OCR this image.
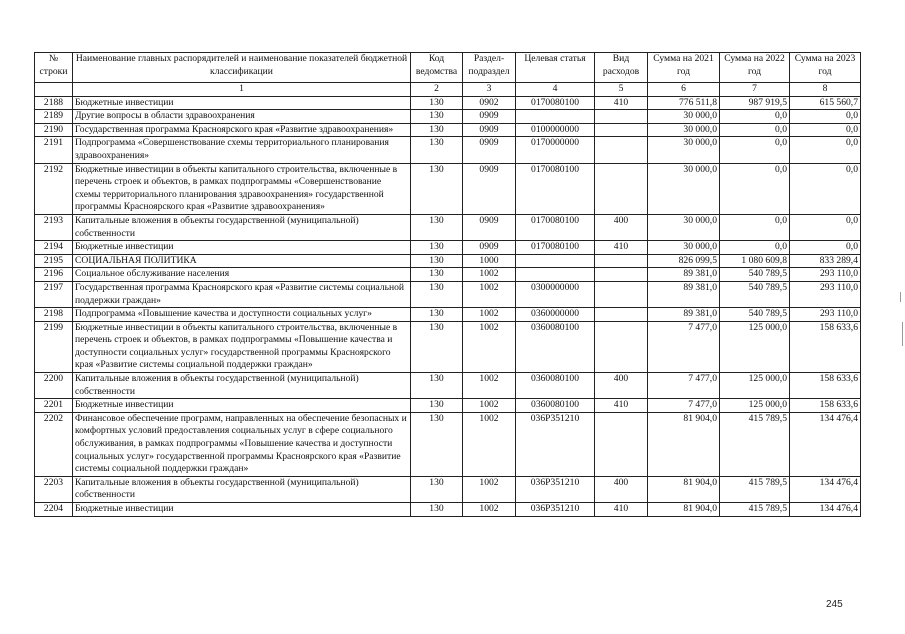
№ строки	Наименование главных распорядителей и наименование показателей бюджетной классификации	Код ведомства	Раздел-подраздел	Целевая статья	Вид расходов	Сумма на 2021 год	Сумма на 2022 год	Сумма на 2023 год
	1	2	3	4	5	6	7	8
2188	Бюджетные инвестиции	130	0902	0170080100	410	776 511,8	987 919,5	615 560,7
2189	Другие вопросы в области здравоохранения	130	0909			30 000,0	0,0	0,0
2190	Государственная программа Красноярского края «Развитие здравоохранения»	130	0909	0100000000		30 000,0	0,0	0,0
2191	Подпрограмма «Совершенствование схемы территориального планирования здравоохранения»	130	0909	0170000000		30 000,0	0,0	0,0
2192	Бюджетные инвестиции в объекты капитального строительства, включенные в перечень строек и объектов, в рамках подпрограммы «Совершенствование схемы территориального планирования здравоохранения» государственной программы Красноярского края «Развитие здравоохранения»	130	0909	0170080100		30 000,0	0,0	0,0
2193	Капитальные вложения в объекты государственной (муниципальной) собственности	130	0909	0170080100	400	30 000,0	0,0	0,0
2194	Бюджетные инвестиции	130	0909	0170080100	410	30 000,0	0,0	0,0
2195	СОЦИАЛЬНАЯ ПОЛИТИКА	130	1000			826 099,5	1 080 609,8	833 289,4
2196	Социальное обслуживание населения	130	1002			89 381,0	540 789,5	293 110,0
2197	Государственная программа Красноярского края «Развитие системы социальной поддержки граждан»	130	1002	0300000000		89 381,0	540 789,5	293 110,0
2198	Подпрограмма «Повышение качества и доступности социальных услуг»	130	1002	0360000000		89 381,0	540 789,5	293 110,0
2199	Бюджетные инвестиции в объекты капитального строительства, включенные в перечень строек и объектов, в рамках подпрограммы «Повышение качества и доступности социальных услуг» государственной программы Красноярского края «Развитие системы социальной поддержки граждан»	130	1002	0360080100		7 477,0	125 000,0	158 633,6
2200	Капитальные вложения в объекты государственной (муниципальной) собственности	130	1002	0360080100	400	7 477,0	125 000,0	158 633,6
2201	Бюджетные инвестиции	130	1002	0360080100	410	7 477,0	125 000,0	158 633,6
2202	Финансовое обеспечение программ, направленных на обеспечение безопасных и комфортных условий предоставления социальных услуг в сфере социального обслуживания, в рамках подпрограммы «Повышение качества и доступности социальных услуг» государственной программы Красноярского края «Развитие системы социальной поддержки граждан»	130	1002	036P351210		81 904,0	415 789,5	134 476,4
2203	Капитальные вложения в объекты государственной (муниципальной) собственности	130	1002	036P351210	400	81 904,0	415 789,5	134 476,4
2204	Бюджетные инвестиции	130	1002	036P351210	410	81 904,0	415 789,5	134 476,4
245
